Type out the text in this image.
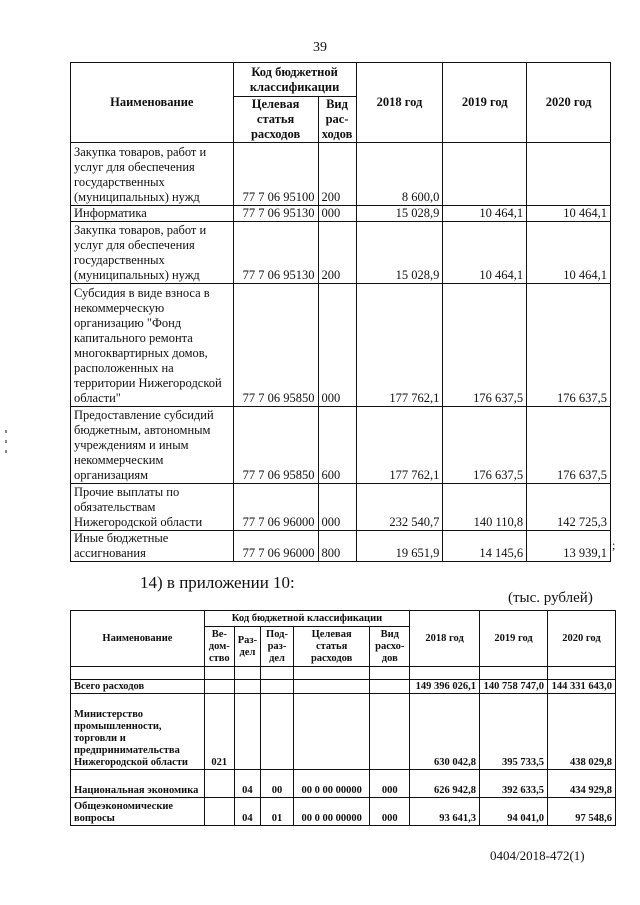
39
Наименование	Код бюджетной классификации		2018 год	2019 год	2020 год
	Целевая статья расходов	Вид рас-ходов			
Закупка товаров, работ и услуг для обеспечения государственных (муниципальных) нужд	77 7 06 95100	200	8 600,0		
Информатика	77 7 06 95130	000	15 028,9	10 464,1	10 464,1
Закупка товаров, работ и услуг для обеспечения государственных (муниципальных) нужд	77 7 06 95130	200	15 028,9	10 464,1	10 464,1
Субсидия в виде взноса в некоммерческую организацию "Фонд капитального ремонта многоквартирных домов, расположенных на территории Нижегородской области"	77 7 06 95850	000	177 762,1	176 637,5	176 637,5
Предоставление субсидий бюджетным, автономным учреждениям и иным некоммерческим организациям	77 7 06 95850	600	177 762,1	176 637,5	176 637,5
Прочие выплаты по обязательствам Нижегородской области	77 7 06 96000	000	232 540,7	140 110,8	142 725,3
Иные бюджетные ассигнования	77 7 06 96000	800	19 651,9	14 145,6	13 939,1
;
14) в приложении 10:
(тыс. рублей)
Наименование	Код бюджетной классификации					2018 год	2019 год	2020 год
	Ве-дом-ство	Раз-дел	Под-раз-дел	Целевая статья расходов	Вид расхо-дов			

Всего расходов						149 396 026,1	140 758 747,0	144 331 643,0
Министерство промышленности, торговли и предпринимательства Нижегородской области	021					630 042,8	395 733,5	438 029,8
Национальная экономика		04	00	00 0 00 00000	000	626 942,8	392 633,5	434 929,8
Общеэкономические вопросы		04	01	00 0 00 00000	000	93 641,3	94 041,0	97 548,6
0404/2018-472(1)
